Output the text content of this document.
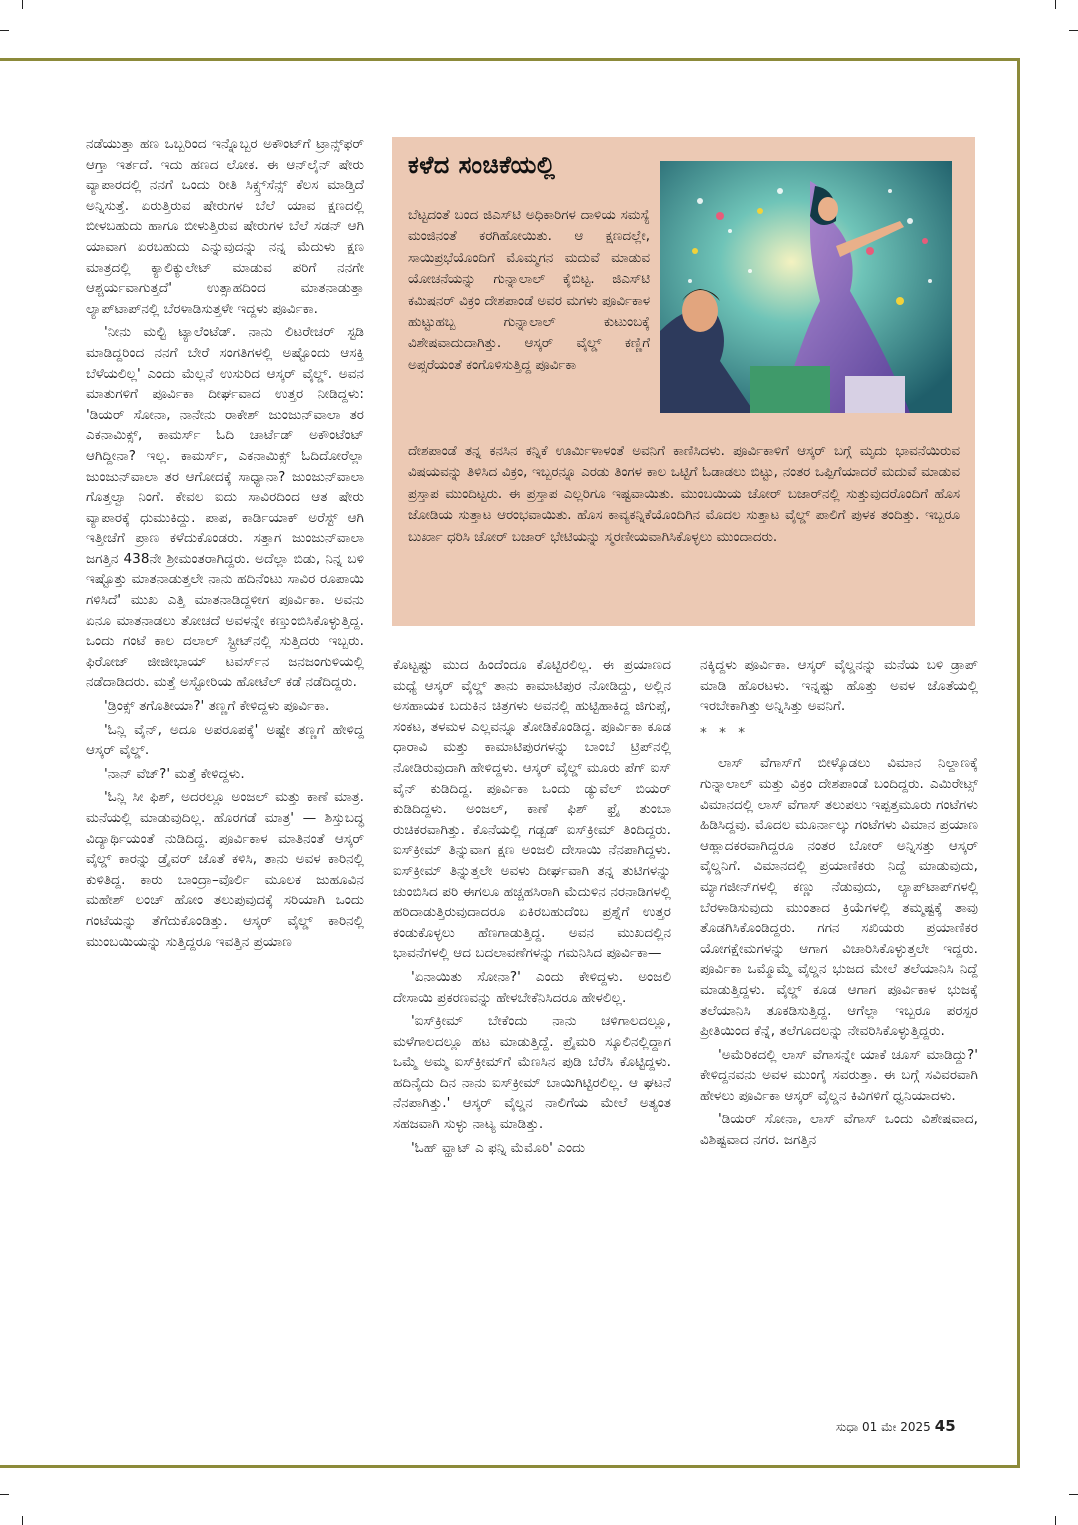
ನಡೆಯುತ್ತಾ ಹಣ ಒಬ್ಬರಿಂದ ಇನ್ನೊಬ್ಬರ ಅಕೌಂಟ್‌ಗೆ ಟ್ರಾನ್ಸ್‌ಫರ್ ಆಗ್ತಾ ಇರ್ತದೆ. ಇದು ಹಣದ ಲೋಕ. ಈ ಆನ್‌ಲೈನ್ ಷೇರು ವ್ಯಾಪಾರದಲ್ಲಿ ನನಗೆ ಒಂದು ರೀತಿ ಸಿಕ್ಸ್ತ್‌ಸೆನ್ಸ್ ಕೆಲಸ ಮಾಡ್ತಿದೆ ಅನ್ನಿಸುತ್ತೆ. ಏರುತ್ತಿರುವ ಷೇರುಗಳ ಬೆಲೆ ಯಾವ ಕ್ಷಣದಲ್ಲಿ ಬೀಳಬಹುದು ಹಾಗೂ ಬೀಳುತ್ತಿರುವ ಷೇರುಗಳ ಬೆಲೆ ಸಡನ್ ಆಗಿ ಯಾವಾಗ ಏರಬಹುದು ಎನ್ನುವುದನ್ನು ನನ್ನ ಮೆದುಳು ಕ್ಷಣ ಮಾತ್ರದಲ್ಲಿ ಕ್ಯಾಲಿಕ್ಯುಲೇಟ್ ಮಾಡುವ ಪರಿಗೆ ನನಗೇ ಆಶ್ಚರ್ಯವಾಗುತ್ತದೆ' ಉತ್ಸಾಹದಿಂದ ಮಾತನಾಡುತ್ತಾ ಲ್ಯಾಪ್‌ಟಾಪ್‌ನಲ್ಲಿ ಬೆರಳಾಡಿಸುತ್ತಳೇ ಇದ್ದಳು ಪೂರ್ವಿಕಾ.

'ನೀನು ಮಲ್ಟಿ ಟ್ಯಾಲೆಂಟೆಡ್. ನಾನು ಲಿಟರೇಚರ್ ಸ್ಟಡಿ ಮಾಡಿದ್ದರಿಂದ ನನಗೆ ಬೇರೆ ಸಂಗತಿಗಳಲ್ಲಿ ಅಷ್ಟೊಂದು ಆಸಕ್ತಿ ಬೆಳೆಯಲಿಲ್ಲ' ಎಂದು ಮೆಲ್ಲನೆ ಉಸುರಿದ ಆಸ್ಕರ್ ವೈಲ್ಡ್. ಅವನ ಮಾತುಗಳಿಗೆ ಪೂರ್ವಿಕಾ ದೀರ್ಘವಾದ ಉತ್ತರ ನೀಡಿದ್ದಳು: 'ಡಿಯರ್ ಸೋನಾ, ನಾನೇನು ರಾಕೇಶ್ ಜುಂಜುನ್‌ವಾಲಾ ತರ ಎಕನಾಮಿಕ್ಸ್, ಕಾಮರ್ಸ್ ಓದಿ ಚಾರ್ಟೆಡ್ ಅಕೌಂಟೆಂಟ್ ಆಗಿದ್ದೀನಾ? ಇಲ್ಲ. ಕಾಮರ್ಸ್, ಎಕನಾಮಿಕ್ಸ್ ಓದಿದೋರೆಲ್ಲಾ ಜುಂಜುನ್‌ವಾಲಾ ತರ ಆಗೋದಕ್ಕೆ ಸಾಧ್ಯಾನಾ? ಜುಂಜುನ್‌ವಾಲಾ ಗೊತ್ತಲ್ವಾ ನಿಂಗೆ. ಕೇವಲ ಐದು ಸಾವಿರದಿಂದ ಆತ ಷೇರು ವ್ಯಾಪಾರಕ್ಕೆ ಧುಮುಕಿದ್ದು. ಪಾಪ, ಕಾರ್ಡಿಯಾಕ್ ಅರೆಸ್ಟ್ ಆಗಿ ಇತ್ತೀಚೆಗೆ ಪ್ರಾಣ ಕಳೆದುಕೊಂಡರು. ಸತ್ತಾಗ ಜುಂಜುನ್‌ವಾಲಾ ಜಗತ್ತಿನ 438ನೇ ಶ್ರೀಮಂತರಾಗಿದ್ದರು. ಅದೆಲ್ಲಾ ಬಿಡು, ನಿನ್ನ ಬಳಿ ಇಷ್ಟೊತ್ತು ಮಾತನಾಡುತ್ತಲೇ ನಾನು ಹದಿನೆಂಟು ಸಾವಿರ ರೂಪಾಯಿ ಗಳಿಸಿದೆ' ಮುಖ ಎತ್ತಿ ಮಾತನಾಡಿದ್ದಳೀಗ ಪೂರ್ವಿಕಾ. ಅವನು ಏನೂ ಮಾತನಾಡಲು ತೋಚದೆ ಅವಳನ್ನೇ ಕಣ್ತುಂಬಿಸಿಕೊಳ್ಳುತ್ತಿದ್ದ. ಒಂದು ಗಂಟೆ ಕಾಲ ದಲಾಲ್ ಸ್ಟ್ರೀಟ್‌ನಲ್ಲಿ ಸುತ್ತಿದರು ಇಬ್ಬರು. ಫಿರೋಜ್ ಜೀಜೀಭಾಯ್ ಟವರ್ಸ್‌ನ ಜನಜಂಗುಳಿಯಲ್ಲಿ ನಡೆದಾಡಿದರು. ಮತ್ತೆ ಅಸ್ಟೋರಿಯ ಹೋಟೆಲ್ ಕಡೆ ನಡೆದಿದ್ದರು.

'ಡ್ರಿಂಕ್ಸ್ ತಗೊತೀಯಾ?' ತಣ್ಣಗೆ ಕೇಳಿದ್ದಳು ಪೂರ್ವಿಕಾ.

'ಓನ್ಲಿ ವೈನ್, ಅದೂ ಅಪರೂಪಕ್ಕೆ' ಅಷ್ಟೇ ತಣ್ಣಗೆ ಹೇಳಿದ್ದ ಆಸ್ಕರ್ ವೈಲ್ಡ್.

'ನಾನ್ ವೆಜ್?' ಮತ್ತೆ ಕೇಳಿದ್ದಳು.

'ಓನ್ಲಿ ಸೀ ಫಿಶ್, ಅದರಲ್ಲೂ ಅಂಜಲ್ ಮತ್ತು ಕಾಣೆ ಮಾತ್ರ. ಮನೆಯಲ್ಲಿ ಮಾಡುವುದಿಲ್ಲ. ಹೊರಗಡೆ ಮಾತ್ರ' — ಶಿಸ್ತುಬದ್ಧ ವಿದ್ಯಾರ್ಥಿಯಂತೆ ನುಡಿದಿದ್ದ. ಪೂರ್ವಿಕಾಳ ಮಾತಿನಂತೆ ಆಸ್ಕರ್ ವೈಲ್ಡ್ ಕಾರನ್ನು ಡ್ರೈವರ್ ಜೊತೆ ಕಳಿಸಿ, ತಾನು ಅವಳ ಕಾರಿನಲ್ಲಿ ಕುಳಿತಿದ್ದ. ಕಾರು ಬಾಂದ್ರಾ–ವೊರ್ಲಿ ಮೂಲಕ ಜುಹೂವಿನ ಮಹೇಶ್ ಲಂಚ್ ಹೋಂ ತಲುಪುವುದಕ್ಕೆ ಸರಿಯಾಗಿ ಒಂದು ಗಂಟೆಯನ್ನು ತೆಗೆದುಕೊಂಡಿತ್ತು. ಆಸ್ಕರ್ ವೈಲ್ಡ್ ಕಾರಿನಲ್ಲಿ ಮುಂಬಯಿಯನ್ನು ಸುತ್ತಿದ್ದರೂ ಇವತ್ತಿನ ಪ್ರಯಾಣ

ಕಳೆದ ಸಂಚಿಕೆಯಲ್ಲಿ
ಬೆಟ್ಟದಂತೆ ಬಂದ ಜಿಎಸ್‌ಟಿ ಅಧಿಕಾರಿಗಳ ದಾಳಿಯ ಸಮಸ್ಯೆ ಮಂಜಿನಂತೆ ಕರಗಿಹೋಯಿತು. ಆ ಕ್ಷಣದಲ್ಲೇ, ಸಾಯಿಪ್ರಭೆಯೊಂದಿಗೆ ಮೊಮ್ಮಗನ ಮದುವೆ ಮಾಡುವ ಯೋಚನೆಯನ್ನು ಗುನ್ನಾಲಾಲ್ ಕೈಬಿಟ್ಟ. ಜಿಎಸ್‌ಟಿ ಕಮಿಷನರ್ ವಿಕ್ರಂ ದೇಶಪಾಂಡೆ ಅವರ ಮಗಳು ಪೂರ್ವಿಕಾಳ ಹುಟ್ಟುಹಬ್ಬ ಗುನ್ನಾಲಾಲ್ ಕುಟುಂಬಕ್ಕೆ ವಿಶೇಷವಾದುದಾಗಿತ್ತು. ಆಸ್ಕರ್ ವೈಲ್ಡ್ ಕಣ್ಣಿಗೆ ಅಪ್ಸರೆಯಂತೆ ಕಂಗೊಳಿಸುತ್ತಿದ್ದ ಪೂರ್ವಿಕಾ
ದೇಶಪಾಂಡೆ ತನ್ನ ಕನಸಿನ ಕನ್ನಿಕೆ ಊರ್ಮಿಳಾಳಂತೆ ಅವನಿಗೆ ಕಾಣಿಸಿದಳು. ಪೂರ್ವಿಕಾಳಿಗೆ ಆಸ್ಕರ್ ಬಗ್ಗೆ ಮೃದು ಭಾವನೆಯಿರುವ ವಿಷಯವನ್ನು ತಿಳಿಸಿದ ವಿಕ್ರಂ, ಇಬ್ಬರನ್ನೂ ಎರಡು ತಿಂಗಳ ಕಾಲ ಒಟ್ಟಿಗೆ ಓಡಾಡಲು ಬಿಟ್ಟು, ನಂತರ ಒಪ್ಪಿಗೆಯಾದರೆ ಮದುವೆ ಮಾಡುವ ಪ್ರಸ್ತಾಪ ಮುಂದಿಟ್ಟರು. ಈ ಪ್ರಸ್ತಾಪ ಎಲ್ಲರಿಗೂ ಇಷ್ಟವಾಯಿತು. ಮುಂಬಯಿಯ ಚೋರ್ ಬಜಾರ್‌ನಲ್ಲಿ ಸುತ್ತುವುದರೊಂದಿಗೆ ಹೊಸ ಜೋಡಿಯ ಸುತ್ತಾಟ ಆರಂಭವಾಯಿತು. ಹೊಸ ಕಾವ್ಯಕನ್ನಿಕೆಯೊಂದಿಗಿನ ಮೊದಲ ಸುತ್ತಾಟ ವೈಲ್ಡ್ ಪಾಲಿಗೆ ಪುಳಕ ತಂದಿತ್ತು. ಇಬ್ಬರೂ ಬುರ್ಖಾ ಧರಿಸಿ ಚೋರ್ ಬಜಾರ್ ಭೇಟಿಯನ್ನು ಸ್ಮರಣೀಯವಾಗಿಸಿಕೊಳ್ಳಲು ಮುಂದಾದರು.

ಕೊಟ್ಟಷ್ಟು ಮುದ ಹಿಂದೆಂದೂ ಕೊಟ್ಟಿರಲಿಲ್ಲ. ಈ ಪ್ರಯಾಣದ ಮಧ್ಯೆ ಆಸ್ಕರ್ ವೈಲ್ಡ್ ತಾನು ಕಾಮಾಟಿಪುರ ನೋಡಿದ್ದು, ಅಲ್ಲಿನ ಅಸಹಾಯಕ ಬದುಕಿನ ಚಿತ್ರಗಳು ಅವನಲ್ಲಿ ಹುಟ್ಟಿಹಾಕಿದ್ದ ಜಿಗುಪ್ಸೆ, ಸಂಕಟ, ತಳಮಳ ಎಲ್ಲವನ್ನೂ ತೋಡಿಕೊಂಡಿದ್ದ. ಪೂರ್ವಿಕಾ ಕೂಡ ಧಾರಾವಿ ಮತ್ತು ಕಾಮಾಟಿಪುರಗಳನ್ನು ಬಾಂಬೆ ಟ್ರಿಪ್‌ನಲ್ಲಿ ನೋಡಿರುವುದಾಗಿ ಹೇಳಿದ್ದಳು. ಆಸ್ಕರ್ ವೈಲ್ಡ್ ಮೂರು ಪೆಗ್ ಐಸ್ ವೈನ್ ಕುಡಿದಿದ್ದ. ಪೂರ್ವಿಕಾ ಒಂದು ಡ್ಯುವೆಲ್ ಬಿಯರ್ ಕುಡಿದಿದ್ದಳು. ಅಂಜಲ್, ಕಾಣೆ ಫಿಶ್ ಫ್ರೈ ತುಂಬಾ ರುಚಿಕರವಾಗಿತ್ತು. ಕೊನೆಯಲ್ಲಿ ಗಡ್ಬಡ್ ಐಸ್‌ಕ್ರೀಮ್ ತಿಂದಿದ್ದರು. ಐಸ್‌ಕ್ರೀಮ್ ತಿನ್ನುವಾಗ ಕ್ಷಣ ಅಂಜಲಿ ದೇಸಾಯಿ ನೆನಪಾಗಿದ್ದಳು. ಐಸ್‌ಕ್ರೀಮ್ ತಿನ್ನುತ್ತಲೇ ಅವಳು ದೀರ್ಘವಾಗಿ ತನ್ನ ತುಟಿಗಳನ್ನು ಚುಂಬಿಸಿದ ಪರಿ ಈಗಲೂ ಹಚ್ಚಹಸಿರಾಗಿ ಮೆದುಳಿನ ನರನಾಡಿಗಳಲ್ಲಿ ಹರಿದಾಡುತ್ತಿರುವುದಾದರೂ ಏಕಿರಬಹುದೆಂಬ ಪ್ರಶ್ನೆಗೆ ಉತ್ತರ ಕಂಡುಕೊಳ್ಳಲು ಹೆಣಗಾಡುತ್ತಿದ್ದ. ಅವನ ಮುಖದಲ್ಲಿನ ಭಾವನೆಗಳಲ್ಲಿ ಆದ ಬದಲಾವಣೆಗಳನ್ನು ಗಮನಿಸಿದ ಪೂರ್ವಿಕಾ—

'ಏನಾಯಿತು ಸೋನಾ?' ಎಂದು ಕೇಳಿದ್ದಳು. ಅಂಜಲಿ ದೇಸಾಯಿ ಪ್ರಕರಣವನ್ನು ಹೇಳಬೇಕೆನಿಸಿದರೂ ಹೇಳಲಿಲ್ಲ.

'ಐಸ್‌ಕ್ರೀಮ್ ಬೇಕೆಂದು ನಾನು ಚಳಿಗಾಲದಲ್ಲೂ, ಮಳೆಗಾಲದಲ್ಲೂ ಹಟ ಮಾಡುತ್ತಿದ್ದೆ. ಪ್ರೈಮರಿ ಸ್ಕೂಲಿನಲ್ಲಿದ್ದಾಗ ಒಮ್ಮೆ ಅಮ್ಮ ಐಸ್‌ಕ್ರೀಮ್‌ಗೆ ಮೆಣಸಿನ ಪುಡಿ ಬೆರೆಸಿ ಕೊಟ್ಟಿದ್ದಳು. ಹದಿನೈದು ದಿನ ನಾನು ಐಸ್‌ಕ್ರೀಮ್ ಬಾಯಿಗಿಟ್ಟಿರಲಿಲ್ಲ. ಆ ಘಟನೆ ನೆನಪಾಗಿತ್ತು.' ಆಸ್ಕರ್ ವೈಲ್ಡನ ನಾಲಿಗೆಯ ಮೇಲೆ ಅತ್ಯಂತ ಸಹಜವಾಗಿ ಸುಳ್ಳು ನಾಟ್ಯ ಮಾಡಿತ್ತು.

'ಓಹ್ ವ್ಹಾಟ್ ಎ ಫನ್ನಿ ಮೆಮೊರಿ' ಎಂದು

ನಕ್ಕಿದ್ದಳು ಪೂರ್ವಿಕಾ. ಆಸ್ಕರ್ ವೈಲ್ಡನನ್ನು ಮನೆಯ ಬಳಿ ಡ್ರಾಪ್ ಮಾಡಿ ಹೊರಟಳು. ಇನ್ನಷ್ಟು ಹೊತ್ತು ಅವಳ ಜೊತೆಯಲ್ಲಿ ಇರಬೇಕಾಗಿತ್ತು ಅನ್ನಿಸಿತ್ತು ಅವನಿಗೆ.

* * *

ಲಾಸ್ ವೆಗಾಸ್‌ಗೆ ಬೀಳ್ಕೊಡಲು ವಿಮಾನ ನಿಲ್ದಾಣಕ್ಕೆ ಗುನ್ನಾಲಾಲ್ ಮತ್ತು ವಿಕ್ರಂ ದೇಶಪಾಂಡೆ ಬಂದಿದ್ದರು. ಎಮಿರೇಟ್ಸ್ ವಿಮಾನದಲ್ಲಿ ಲಾಸ್ ವೆಗಾಸ್ ತಲುಪಲು ಇಪ್ಪತ್ತಮೂರು ಗಂಟೆಗಳು ಹಿಡಿಸಿದ್ದವು. ಮೊದಲ ಮೂರ್ನಾಲ್ಕು ಗಂಟೆಗಳು ವಿಮಾನ ಪ್ರಯಾಣ ಆಹ್ಲಾದಕರವಾಗಿದ್ದರೂ ನಂತರ ಬೋರ್ ಅನ್ನಿಸತ್ತು ಆಸ್ಕರ್ ವೈಲ್ಡನಿಗೆ. ವಿಮಾನದಲ್ಲಿ ಪ್ರಯಾಣಿಕರು ನಿದ್ದೆ ಮಾಡುವುದು, ಮ್ಯಾಗಜೀನ್‌ಗಳಲ್ಲಿ ಕಣ್ಣು ನೆಡುವುದು, ಲ್ಯಾಪ್‌ಟಾಪ್‌ಗಳಲ್ಲಿ ಬೆರಳಾಡಿಸುವುದು ಮುಂತಾದ ಕ್ರಿಯೆಗಳಲ್ಲಿ ತಮ್ಮಷ್ಟಕ್ಕೆ ತಾವು ತೊಡಗಿಸಿಕೊಂಡಿದ್ದರು. ಗಗನ ಸಖಿಯರು ಪ್ರಯಾಣಿಕರ ಯೋಗಕ್ಷೇಮಗಳನ್ನು ಆಗಾಗ ವಿಚಾರಿಸಿಕೊಳ್ಳುತ್ತಲೇ ಇದ್ದರು. ಪೂರ್ವಿಕಾ ಒಮ್ಮೊಮ್ಮೆ ವೈಲ್ಡನ ಭುಜದ ಮೇಲೆ ತಲೆಯಾನಿಸಿ ನಿದ್ದೆ ಮಾಡುತ್ತಿದ್ದಳು. ವೈಲ್ಡ್ ಕೂಡ ಆಗಾಗ ಪೂರ್ವಿಕಾಳ ಭುಜಕ್ಕೆ ತಲೆಯಾನಿಸಿ ತೂಕಡಿಸುತ್ತಿದ್ದ. ಆಗೆಲ್ಲಾ ಇಬ್ಬರೂ ಪರಸ್ಪರ ಪ್ರೀತಿಯಿಂದ ಕೆನ್ನೆ, ತಲೆಗೂದಲನ್ನು ನೇವರಿಸಿಕೊಳ್ಳುತ್ತಿದ್ದರು.

'ಅಮೆರಿಕದಲ್ಲಿ ಲಾಸ್ ವೆಗಾಸನ್ನೇ ಯಾಕೆ ಚೂಸ್ ಮಾಡಿದ್ದು?' ಕೇಳಿದ್ದನವನು ಅವಳ ಮುಂಗೈ ಸವರುತ್ತಾ. ಈ ಬಗ್ಗೆ ಸವಿವರವಾಗಿ ಹೇಳಲು ಪೂರ್ವಿಕಾ ಆಸ್ಕರ್ ವೈಲ್ಡನ ಕಿವಿಗಳಿಗೆ ಧ್ವನಿಯಾದಳು.

'ಡಿಯರ್ ಸೋನಾ, ಲಾಸ್ ವೆಗಾಸ್ ಒಂದು ವಿಶೇಷವಾದ, ವಿಶಿಷ್ಟವಾದ ನಗರ. ಜಗತ್ತಿನ

ಸುಧಾ 01 ಮೇ 2025 45
